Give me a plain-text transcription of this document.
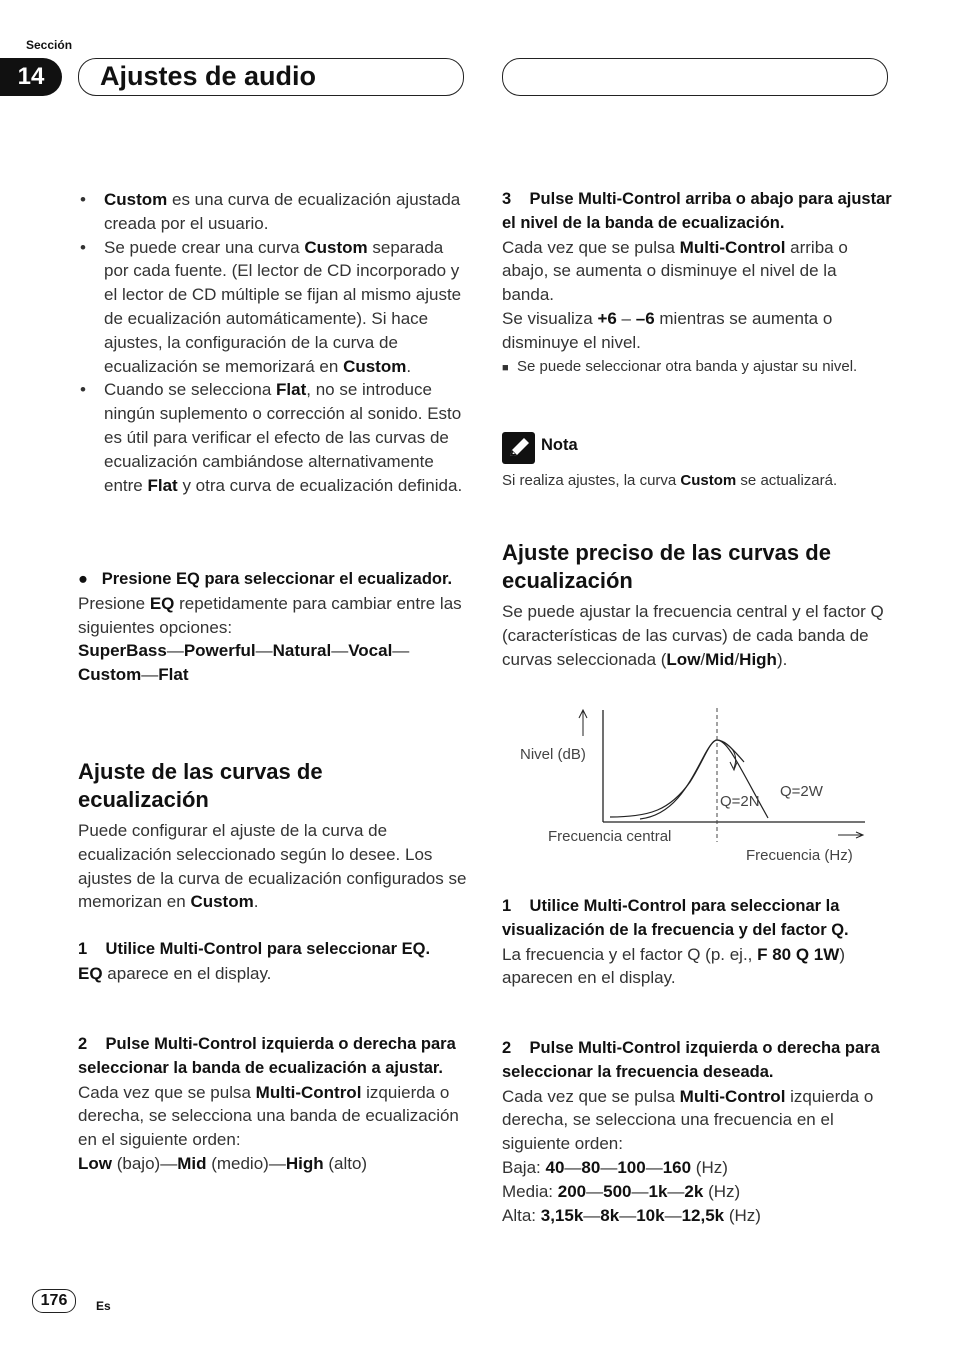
Sección
14	Ajustes de audio
• Custom es una curva de ecualización ajustada creada por el usuario.
• Se puede crear una curva Custom separada por cada fuente. (El lector de CD incorporado y el lector de CD múltiple se fijan al mismo ajuste de ecualización automáticamente). Si hace ajustes, la configuración de la curva de ecualización se memorizará en Custom.
• Cuando se selecciona Flat, no se introduce ningún suplemento o corrección al sonido. Esto es útil para verificar el efecto de las curvas de ecualización cambiándose alternativamente entre Flat y otra curva de ecualización definida.
● Presione EQ para seleccionar el ecualizador.
Presione EQ repetidamente para cambiar entre las siguientes opciones:
SuperBass—Powerful—Natural—Vocal— Custom—Flat
Ajuste de las curvas de ecualización
Puede configurar el ajuste de la curva de ecualización seleccionado según lo desee. Los ajustes de la curva de ecualización configurados se memorizan en Custom.
1 Utilice Multi-Control para seleccionar EQ.
EQ aparece en el display.
2 Pulse Multi-Control izquierda o derecha para seleccionar la banda de ecualización a ajustar.
Cada vez que se pulsa Multi-Control izquierda o derecha, se selecciona una banda de ecualización en el siguiente orden:
Low (bajo)—Mid (medio)—High (alto)
3 Pulse Multi-Control arriba o abajo para ajustar el nivel de la banda de ecualización.
Cada vez que se pulsa Multi-Control arriba o abajo, se aumenta o disminuye el nivel de la banda.
Se visualiza +6 – –6 mientras se aumenta o disminuye el nivel.
■ Se puede seleccionar otra banda y ajustar su nivel.
Nota
Si realiza ajustes, la curva Custom se actualizará.
Ajuste preciso de las curvas de ecualización
Se puede ajustar la frecuencia central y el factor Q (características de las curvas) de cada banda de curvas seleccionada (Low/Mid/High).
Nivel (dB)
Q=2N
Q=2W
Frecuencia central
Frecuencia (Hz)
1 Utilice Multi-Control para seleccionar la visualización de la frecuencia y del factor Q.
La frecuencia y el factor Q (p. ej., F 80 Q 1W) aparecen en el display.
2 Pulse Multi-Control izquierda o derecha para seleccionar la frecuencia deseada.
Cada vez que se pulsa Multi-Control izquierda o derecha, se selecciona una frecuencia en el siguiente orden:
Baja: 40—80—100—160 (Hz)
Media: 200—500—1k—2k (Hz)
Alta: 3,15k—8k—10k—12,5k (Hz)
176	Es
